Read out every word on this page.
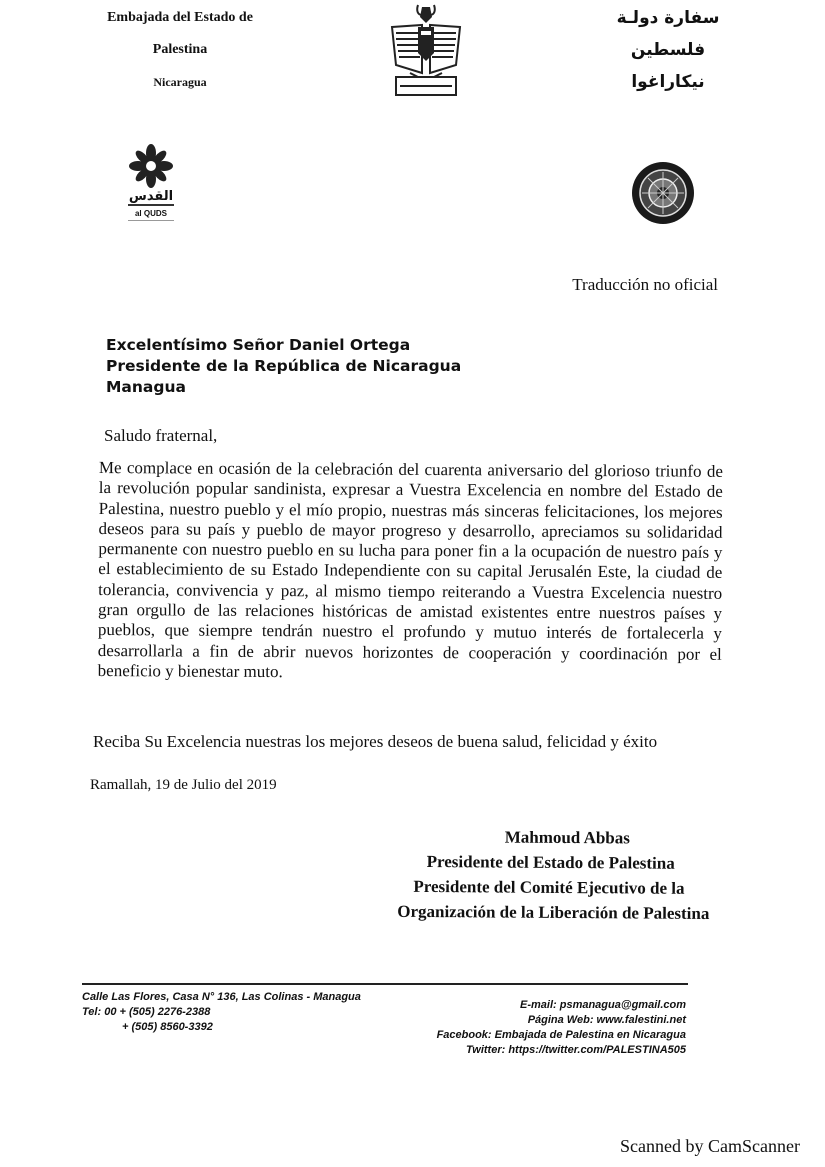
Embajada del Estado de
Palestina
Nicaragua
سفارة دولـة
فلسطين
نيكاراغوا
القدس
al QUDS
Traducción no oficial
Excelentísimo Señor Daniel Ortega
Presidente de la República de Nicaragua
Managua
Saludo fraternal,
Me complace en ocasión de la celebración del cuarenta aniversario del glorioso triunfo de la revolución popular sandinista, expresar a Vuestra Excelencia en nombre del Estado de Palestina, nuestro pueblo y el mío propio, nuestras más sinceras felicitaciones, los mejores deseos para su país y pueblo de mayor progreso y desarrollo, apreciamos su solidaridad permanente con nuestro pueblo en su lucha para poner fin a la ocupación de nuestro país y el establecimiento de su Estado Independiente con su capital Jerusalén Este, la ciudad de tolerancia, convivencia y paz, al mismo tiempo reiterando a Vuestra Excelencia nuestro gran orgullo de las relaciones históricas de amistad existentes entre nuestros países y pueblos, que siempre tendrán nuestro el profundo y mutuo interés de fortalecerla y desarrollarla a fin de abrir nuevos horizontes de cooperación y coordinación por el beneficio y bienestar muto.
Reciba Su Excelencia nuestras los mejores deseos de buena salud, felicidad y éxito
Ramallah, 19 de Julio del 2019
Mahmoud Abbas
Presidente del Estado de Palestina
Presidente del Comité Ejecutivo de la
Organización de la Liberación de Palestina
Calle Las Flores, Casa N° 136, Las Colinas - Managua
Tel: 00 + (505) 2276-2388
+ (505) 8560-3392
E-mail: psmanagua@gmail.com
Página Web: www.falestini.net
Facebook: Embajada de Palestina en Nicaragua
Twitter: https://twitter.com/PALESTINA505
Scanned by CamScanner
